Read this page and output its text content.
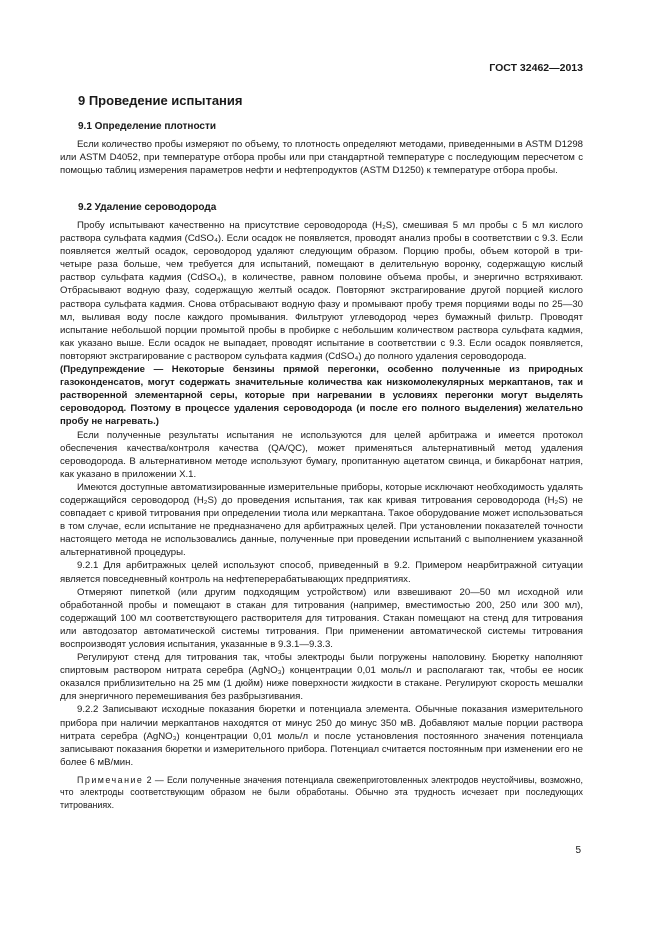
ГОСТ 32462—2013
9 Проведение испытания
9.1 Определение плотности

Если количество пробы измеряют по объему, то плотность определяют методами, приведенными в ASTM D1298 или ASTM D4052, при температуре отбора пробы или при стандартной температуре с последующим пересчетом с помощью таблиц измерения параметров нефти и нефтепродуктов (ASTM D1250) к температуре отбора пробы.

9.2 Удаление сероводорода

Пробу испытывают качественно на присутствие сероводорода (H₂S), смешивая 5 мл пробы с 5 мл кислого раствора сульфата кадмия (CdSO₄). Если осадок не появляется, проводят анализ пробы в соответствии с 9.3. Если появляется желтый осадок, сероводород удаляют следующим образом. Порцию пробы, объем которой в три-четыре раза больше, чем требуется для испытаний, помещают в делительную воронку, содержащую кислый раствор сульфата кадмия (CdSO₄), в количестве, равном половине объема пробы, и энергично встряхивают. Отбрасывают водную фазу, содержащую желтый осадок. Повторяют экстрагирование другой порцией кислого раствора сульфата кадмия. Снова отбрасывают водную фазу и промывают пробу тремя порциями воды по 25—30 мл, выливая воду после каждого промывания. Фильтруют углеводород через бумажный фильтр. Проводят испытание небольшой порции промытой пробы в пробирке с небольшим количеством раствора сульфата кадмия, как указано выше. Если осадок не выпадает, проводят испытание в соответствии с 9.3. Если осадок появляется, повторяют экстрагирование с раствором сульфата кадмия (CdSO₄) до полного удаления сероводорода.

(Предупреждение — Некоторые бензины прямой перегонки, особенно полученные из природных газоконденсатов, могут содержать значительные количества как низкомолекулярных меркаптанов, так и растворенной элементарной серы, которые при нагревании в условиях перегонки могут выделять сероводород. Поэтому в процессе удаления сероводорода (и после его полного выделения) желательно пробу не нагревать.)

Если полученные результаты испытания не используются для целей арбитража и имеется протокол обеспечения качества/контроля качества (QA/QC), может применяться альтернативный метод удаления сероводорода. В альтернативном методе используют бумагу, пропитанную ацетатом свинца, и бикарбонат натрия, как указано в приложении Х.1.

Имеются доступные автоматизированные измерительные приборы, которые исключают необходимость удалять содержащийся сероводород (H₂S) до проведения испытания, так как кривая титрования сероводорода (H₂S) не совпадает с кривой титрования при определении тиола или меркаптана. Такое оборудование может использоваться в том случае, если испытание не предназначено для арбитражных целей. При установлении показателей точности настоящего метода не использовались данные, полученные при проведении испытаний с выполнением указанной альтернативной процедуры.

9.2.1 Для арбитражных целей используют способ, приведенный в 9.2. Примером неарбитражной ситуации является повседневный контроль на нефтеперерабатывающих предприятиях.

Отмеряют пипеткой (или другим подходящим устройством) или взвешивают 20—50 мл исходной или обработанной пробы и помещают в стакан для титрования (например, вместимостью 200, 250 или 300 мл), содержащий 100 мл соответствующего растворителя для титрования. Стакан помещают на стенд для титрования или автодозатор автоматической системы титрования. При применении автоматической системы титрования воспроизводят условия испытания, указанные в 9.3.1—9.3.3.

Регулируют стенд для титрования так, чтобы электроды были погружены наполовину. Бюретку наполняют спиртовым раствором нитрата серебра (AgNO₃) концентрации 0,01 моль/л и располагают так, чтобы ее носик оказался приблизительно на 25 мм (1 дюйм) ниже поверхности жидкости в стакане. Регулируют скорость мешалки для энергичного перемешивания без разбрызгивания.

9.2.2 Записывают исходные показания бюретки и потенциала элемента. Обычные показания измерительного прибора при наличии меркаптанов находятся от минус 250 до минус 350 мВ. Добавляют малые порции раствора нитрата серебра (AgNO₃) концентрации 0,01 моль/л и после установления постоянного значения потенциала записывают показания бюретки и измерительного прибора. Потенциал считается постоянным при изменении его не более 6 мВ/мин.

Примечание 2 — Если полученные значения потенциала свежеприготовленных электродов неустойчивы, возможно, что электроды соответствующим образом не были обработаны. Обычно эта трудность исчезает при последующих титрованиях.

5
